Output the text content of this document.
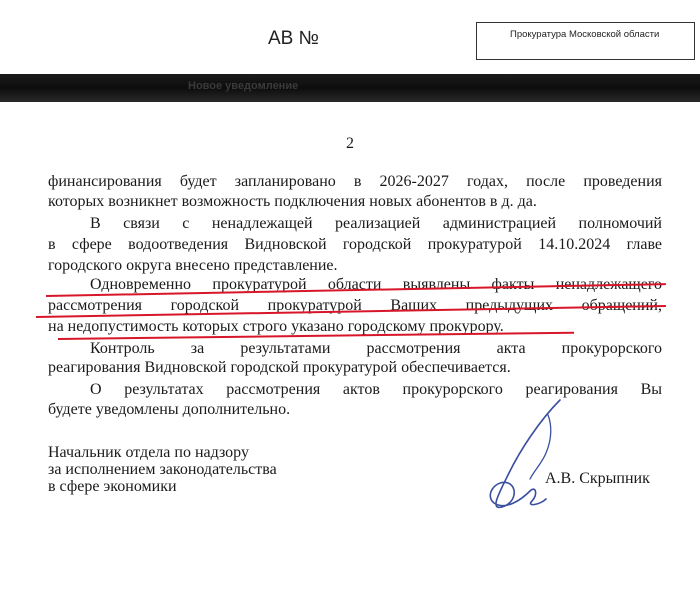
АВ №	Прокуратура Московской области
Новое уведомление
2
финансирования будет запланировано в 2026-2027 годах, после проведения
которых возникнет возможность подключения новых абонентов в д. да.
В связи с ненадлежащей реализацией администрацией полномочий
в сфере водоотведения Видновской городской прокуратурой 14.10.2024 главе
городского округа внесено представление.
Одновременно прокуратурой области выявлены факты ненадлежащего
рассмотрения городской прокуратурой Ваших предыдущих обращений,
на недопустимость которых строго указано городскому прокурору.
Контроль за результатами рассмотрения акта прокурорского
реагирования Видновской городской прокуратурой обеспечивается.
О результатах рассмотрения актов прокурорского реагирования Вы
будете уведомлены дополнительно.
Начальник отдела по надзору
за исполнением законодательства
в сфере экономики	А.В. Скрыпник
